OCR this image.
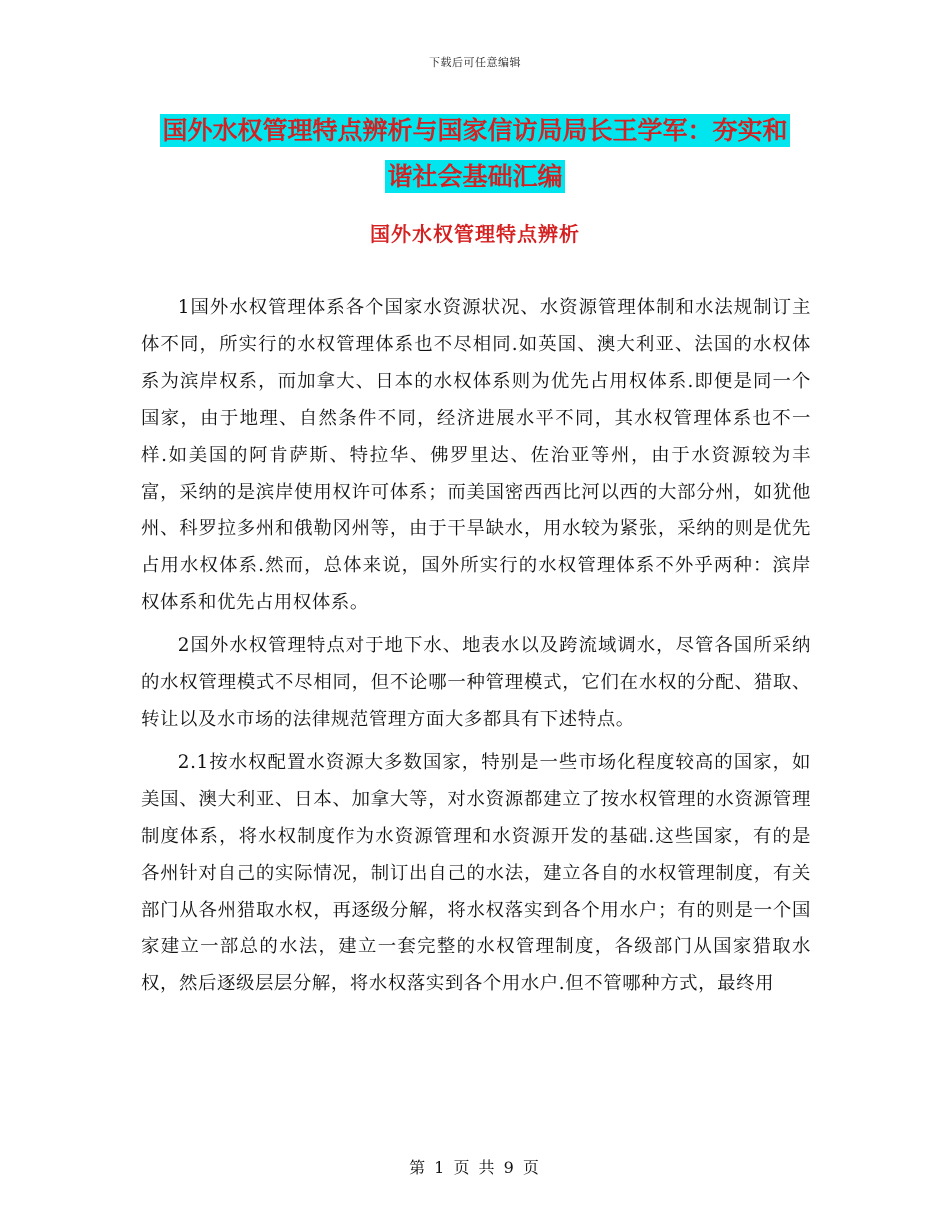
下载后可任意编辑
国外水权管理特点辨析与国家信访局局长王学军：夯实和谐社会基础汇编
国外水权管理特点辨析

1国外水权管理体系各个国家水资源状况、水资源管理体制和水法规制订主体不同，所实行的水权管理体系也不尽相同.如英国、澳大利亚、法国的水权体系为滨岸权系，而加拿大、日本的水权体系则为优先占用权体系.即便是同一个国家，由于地理、自然条件不同，经济进展水平不同，其水权管理体系也不一样.如美国的阿肯萨斯、特拉华、佛罗里达、佐治亚等州，由于水资源较为丰富，采纳的是滨岸使用权许可体系；而美国密西西比河以西的大部分州，如犹他州、科罗拉多州和俄勒冈州等，由于干旱缺水，用水较为紧张，采纳的则是优先占用水权体系.然而，总体来说，国外所实行的水权管理体系不外乎两种：滨岸权体系和优先占用权体系。

2国外水权管理特点对于地下水、地表水以及跨流域调水，尽管各国所采纳的水权管理模式不尽相同，但不论哪一种管理模式，它们在水权的分配、猎取、转让以及水市场的法律规范管理方面大多都具有下述特点。

2.1按水权配置水资源大多数国家，特别是一些市场化程度较高的国家，如美国、澳大利亚、日本、加拿大等，对水资源都建立了按水权管理的水资源管理制度体系，将水权制度作为水资源管理和水资源开发的基础.这些国家，有的是各州针对自己的实际情况，制订出自己的水法，建立各自的水权管理制度，有关部门从各州猎取水权，再逐级分解，将水权落实到各个用水户；有的则是一个国家建立一部总的水法，建立一套完整的水权管理制度，各级部门从国家猎取水权，然后逐级层层分解，将水权落实到各个用水户.但不管哪种方式，最终用

第 1 页 共 9 页
